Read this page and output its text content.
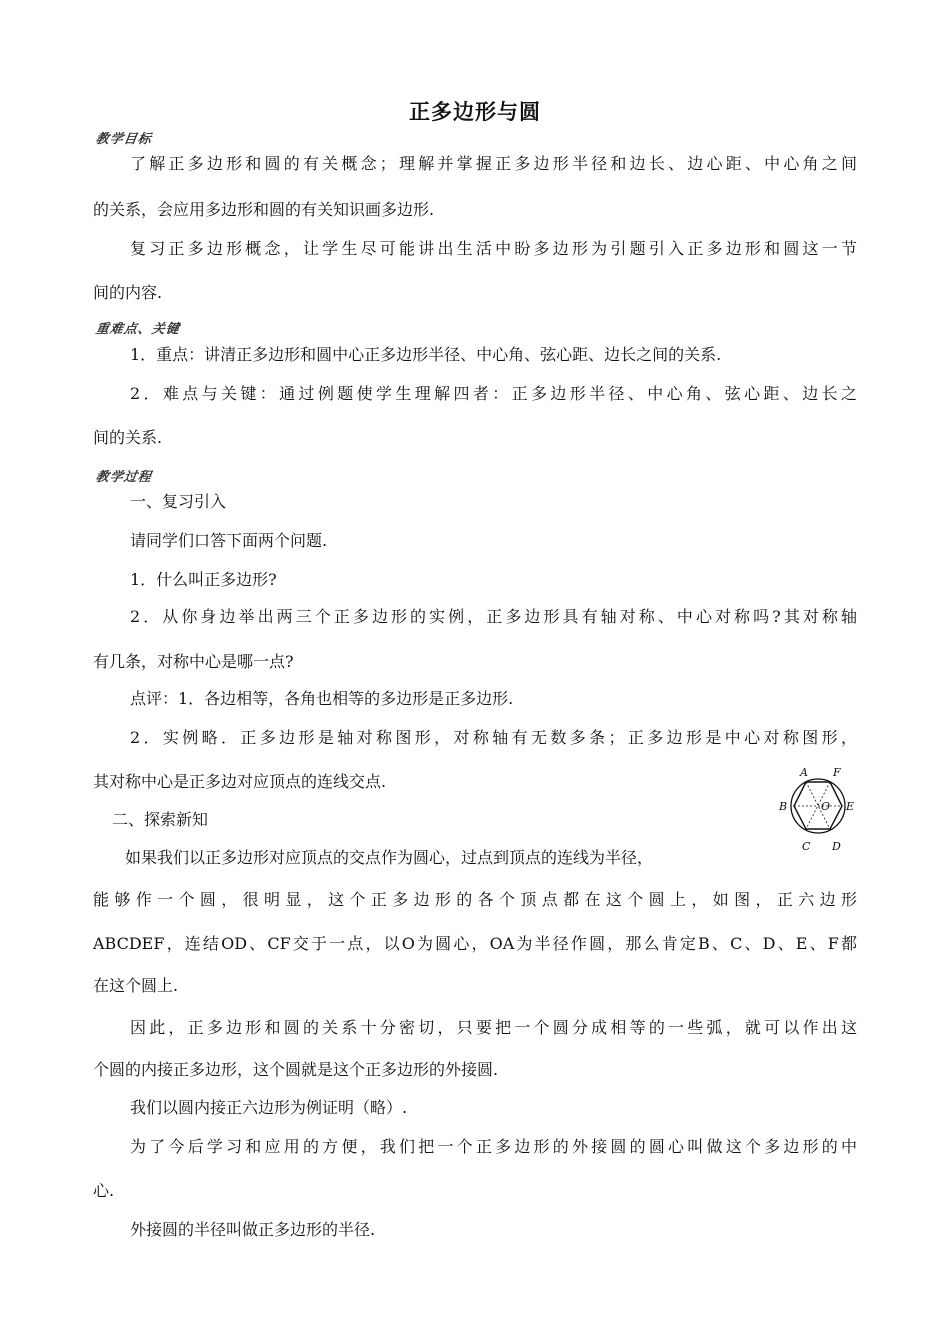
正多边形与圆
教学目标
重难点、关键
教学过程
了解正多边形和圆的有关概念；理解并掌握正多边形半径和边长、边心距、中心角之间
的关系，会应用多边形和圆的有关知识画多边形.
复习正多边形概念，让学生尽可能讲出生活中盼多边形为引题引入正多边形和圆这一节
间的内容.
1．重点：讲清正多边形和圆中心正多边形半径、中心角、弦心距、边长之间的关系.
2．难点与关键：通过例题使学生理解四者：正多边形半径、中心角、弦心距、边长之
间的关系.
一、复习引入
请同学们口答下面两个问题.
1．什么叫正多边形?
2．从你身边举出两三个正多边形的实例，正多边形具有轴对称、中心对称吗?其对称轴
有几条，对称中心是哪一点?
点评：1．各边相等，各角也相等的多边形是正多边形.
2．实例略．正多边形是轴对称图形，对称轴有无数多条；正多边形是中心对称图形，
其对称中心是正多边对应顶点的连线交点.
二、探索新知
如果我们以正多边形对应顶点的交点作为圆心，过点到顶点的连线为半径，
能够作一个圆，很明显，这个正多边形的各个顶点都在这个圆上，如图，正六边形
ABCDEF，连结OD、CF交于一点，以O为圆心，OA为半径作圆，那么肯定B、C、D、E、F都
在这个圆上.
因此，正多边形和圆的关系十分密切，只要把一个圆分成相等的一些弧，就可以作出这
个圆的内接正多边形，这个圆就是这个正多边形的外接圆.
我们以圆内接正六边形为例证明（略）.
为了今后学习和应用的方便，我们把一个正多边形的外接圆的圆心叫做这个多边形的中
心.
外接圆的半径叫做正多边形的半径.
A F
B	O E
C D
